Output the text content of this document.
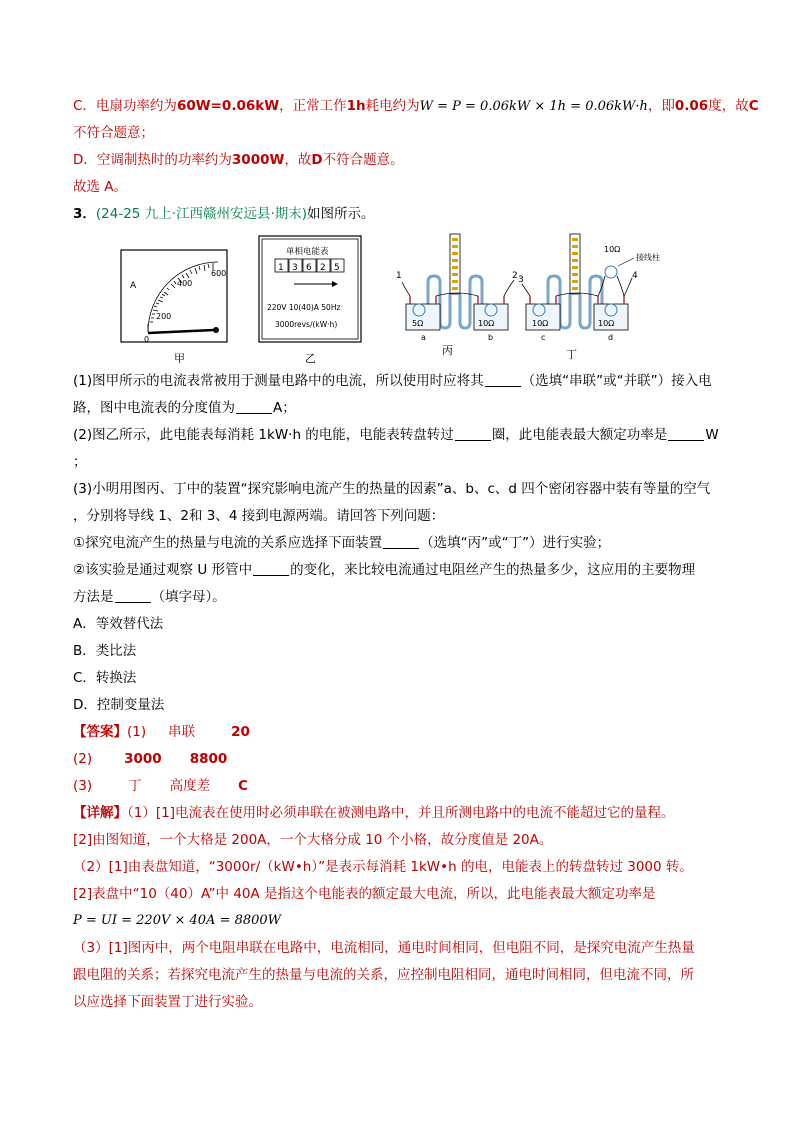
C．电扇功率约为60W=0.06kW，正常工作1h耗电约为W = P = 0.06kW × 1h = 0.06kW·h，即0.06度，故C
不符合题意；
D．空调制热时的功率约为3000W，故D不符合题意。
故选 A。
3．(24-25 九上·江西赣州安远县·期末)如图所示。
A
0
200
400
600
甲
单相电能表
1 3 6 2 5
220V 10(40)A 50Hz
3000revs/(kW·h)
乙
1	2
5Ω	10Ω
a	b
丙
3	4
10Ω
接线柱
10Ω	10Ω
c	d
丁
(1)图甲所示的电流表常被用于测量电路中的电流，所以使用时应将其	（选填“串联”或“并联”）接入电
路，图中电流表的分度值为	A；
(2)图乙所示，此电能表每消耗 1kW·h 的电能，电能表转盘转过	圈，此电能表最大额定功率是	W
；
(3)小明用图丙、丁中的装置“探究影响电流产生的热量的因素”a、b、c、d 四个密闭容器中装有等量的空气
，分别将导线 1、2和 3、4 接到电源两端。请回答下列问题：
①探究电流产生的热量与电流的关系应选择下面装置	（选填“丙”或“丁”）进行实验；
②该实验是通过观察 U 形管中	的变化，来比较电流通过电阻丝产生的热量多少，这应用的主要物理
方法是	（填字母）。
A．等效替代法
B．类比法
C．转换法
D．控制变量法
【答案】(1) 串联	20
(2) 3000 8800
(3)	丁 高度差 C
【详解】（1）[1]电流表在使用时必须串联在被测电路中，并且所测电路中的电流不能超过它的量程。
[2]由图知道，一个大格是 200A，一个大格分成 10 个小格，故分度值是 20A。
（2）[1]由表盘知道，“3000r/（kW•h）”是表示每消耗 1kW•h 的电，电能表上的转盘转过 3000 转。
[2]表盘中“10（40）A”中 40A 是指这个电能表的额定最大电流，所以，此电能表最大额定功率是
P = UI = 220V × 40A = 8800W
（3）[1]图丙中，两个电阻串联在电路中，电流相同，通电时间相同，但电阻不同，是探究电流产生热量
跟电阻的关系；若探究电流产生的热量与电流的关系，应控制电阻相同，通电时间相同，但电流不同，所
以应选择下面装置丁进行实验。
